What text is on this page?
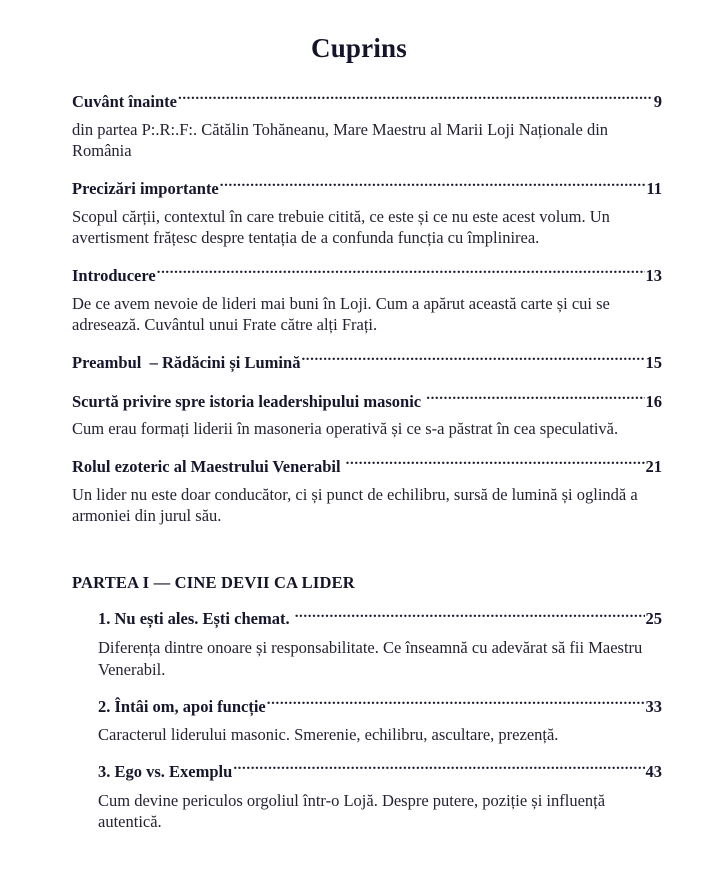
Cuprins
Cuvânt înainte .....	9
din partea P:.R:.F:. Cătălin Tohăneanu, Mare Maestru al Marii Loji Naționale din România
Precizări importante .....	11
Scopul cărții, contextul în care trebuie citită, ce este și ce nu este acest volum. Un avertisment frățesc despre tentația de a confunda funcția cu împlinirea.
Introducere .....	13
De ce avem nevoie de lideri mai buni în Loji. Cum a apărut această carte și cui se adresează. Cuvântul unui Frate către alți Frați.
Preambul  – Rădăcini și Lumină .....	15
Scurtă privire spre istoria leadershipului masonic .....	16
Cum erau formați liderii în masoneria operativă și ce s-a păstrat în cea speculativă.
Rolul ezoteric al Maestrului Venerabil .....	21
Un lider nu este doar conducător, ci și punct de echilibru, sursă de lumină și oglindă a armoniei din jurul său.
PARTEA I — CINE DEVII CA LIDER
1. Nu ești ales. Ești chemat. .....	25
Diferența dintre onoare și responsabilitate. Ce înseamnă cu adevărat să fii Maestru Venerabil.
2. Întâi om, apoi funcție .....	33
Caracterul liderului masonic. Smerenie, echilibru, ascultare, prezență.
3. Ego vs. Exemplu .....	43
Cum devine periculos orgoliul într-o Lojă. Despre putere, poziție și influență autentică.
